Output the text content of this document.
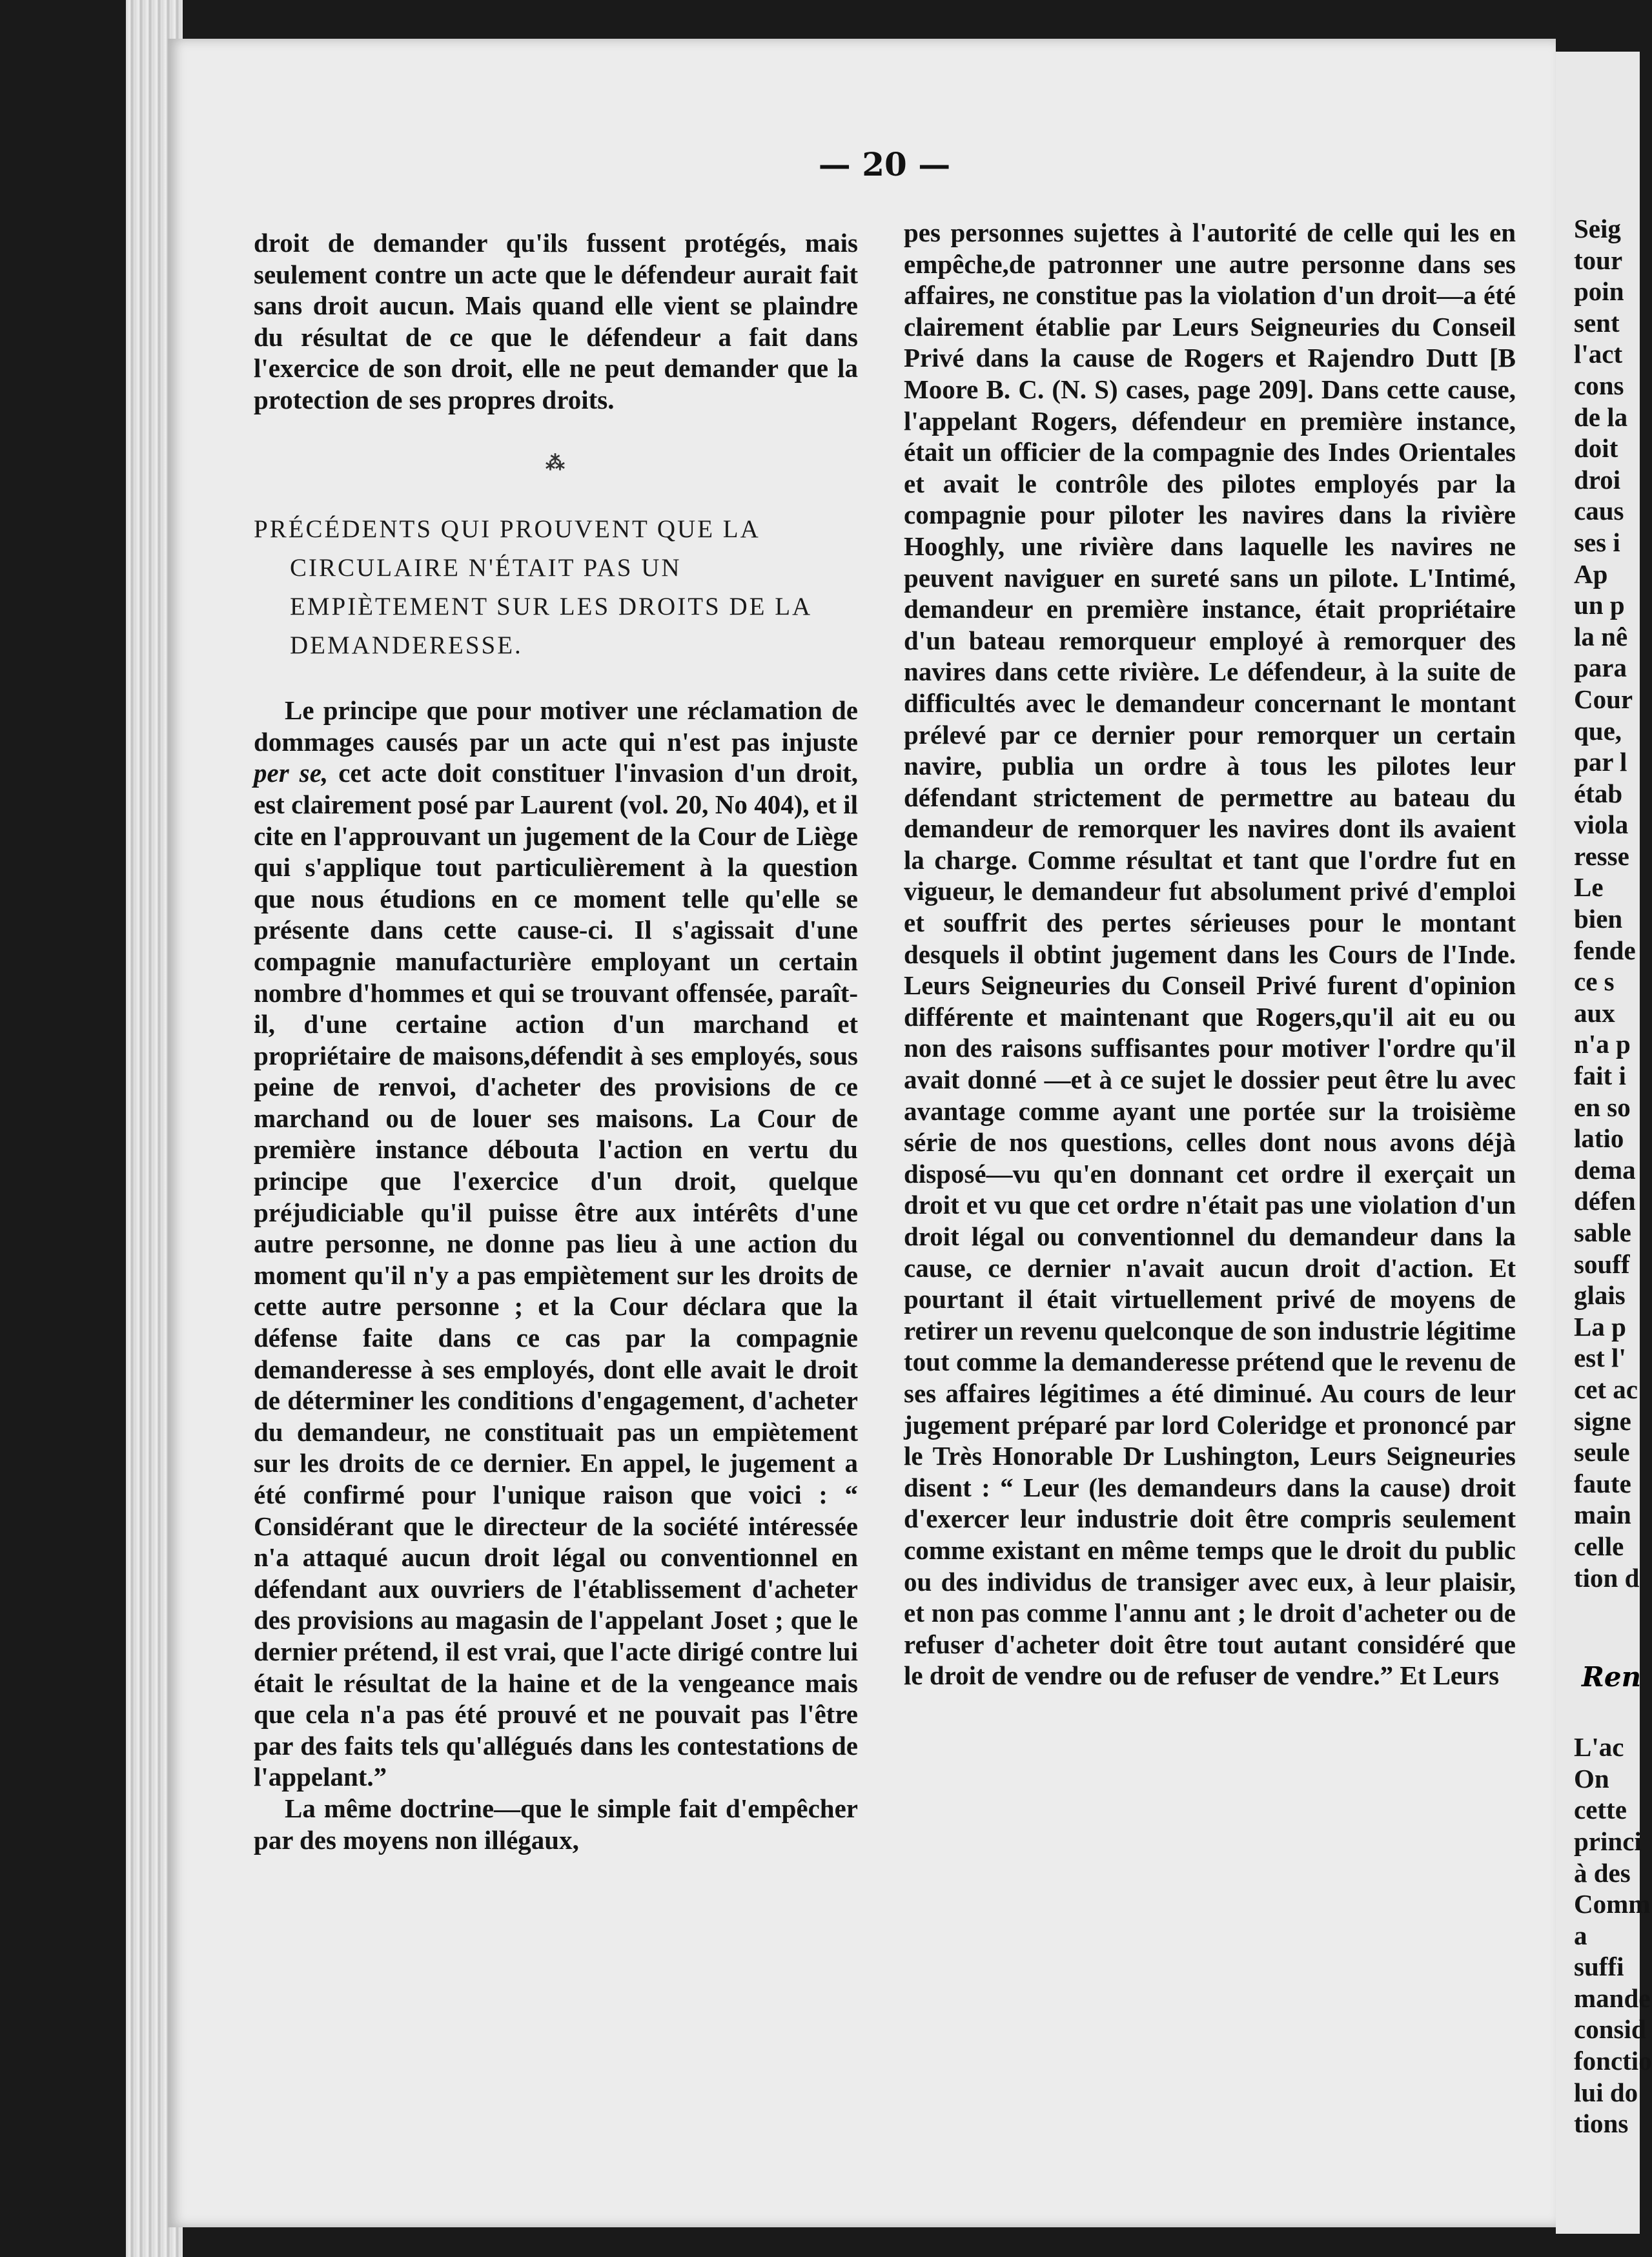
— 20 —

droit de demander qu'ils fussent protégés, mais seulement contre un acte que le défendeur aurait fait sans droit aucun. Mais quand elle vient se plaindre du résultat de ce que le défendeur a fait dans l'exercice de son droit, elle ne peut demander que la protection de ses propres droits.

⁂
PRÉCÉDENTS QUI PROUVENT QUE LA
CIRCULAIRE N'ÉTAIT PAS UN EMPIÈTEMENT SUR LES DROITS DE LA
DEMANDERESSE.

Le principe que pour motiver une réclamation de dommages causés par un acte qui n'est pas injuste per se, cet acte doit constituer l'invasion d'un droit, est clairement posé par Laurent (vol. 20, No 404), et il cite en l'approuvant un jugement de la Cour de Liège qui s'applique tout particulièrement à la question que nous étudions en ce moment telle qu'elle se présente dans cette cause-ci. Il s'agissait d'une compagnie manufacturière employant un certain nombre d'hommes et qui se trouvant offensée, paraît-il, d'une certaine action d'un marchand et propriétaire de maisons,défendit à ses employés, sous peine de renvoi, d'acheter des provisions de ce marchand ou de louer ses maisons. La Cour de première instance débouta l'action en vertu du principe que l'exercice d'un droit, quelque préjudiciable qu'il puisse être aux intérêts d'une autre personne, ne donne pas lieu à une action du moment qu'il n'y a pas empiètement sur les droits de cette autre personne ; et la Cour déclara que la défense faite dans ce cas par la compagnie demanderesse à ses employés, dont elle avait le droit de déterminer les conditions d'engagement, d'acheter du demandeur, ne constituait pas un empiètement sur les droits de ce dernier. En appel, le jugement a été confirmé pour l'unique raison que voici : “ Considérant que le directeur de la société intéressée n'a attaqué aucun droit légal ou conventionnel en défendant aux ouvriers de l'établissement d'acheter des provisions au magasin de l'appelant Joset ; que le dernier prétend, il est vrai, que l'acte dirigé contre lui était le résultat de la haine et de la vengeance mais que cela n'a pas été prouvé et ne pouvait pas l'être par des faits tels qu'allégués dans les contestations de l'appelant.”

La même doctrine—que le simple fait d'empêcher par des moyens non illégaux,

pes personnes sujettes à l'autorité de celle qui les en empêche,de patronner une autre personne dans ses affaires, ne constitue pas la violation d'un droit—a été clairement établie par Leurs Seigneuries du Conseil Privé dans la cause de Rogers et Rajendro Dutt [B Moore B. C. (N. S) cases, page 209]. Dans cette cause, l'appelant Rogers, défendeur en première instance, était un officier de la compagnie des Indes Orientales et avait le contrôle des pilotes employés par la compagnie pour piloter les navires dans la rivière Hooghly, une rivière dans laquelle les navires ne peuvent naviguer en sureté sans un pilote. L'Intimé, demandeur en première instance, était propriétaire d'un bateau remorqueur employé à remorquer des navires dans cette rivière. Le défendeur, à la suite de difficultés avec le demandeur concernant le montant prélevé par ce dernier pour remorquer un certain navire, publia un ordre à tous les pilotes leur défendant strictement de permettre au bateau du demandeur de remorquer les navires dont ils avaient la charge. Comme résultat et tant que l'ordre fut en vigueur, le demandeur fut absolument privé d'emploi et souffrit des pertes sérieuses pour le montant desquels il obtint jugement dans les Cours de l'Inde. Leurs Seigneuries du Conseil Privé furent d'opinion différente et maintenant que Rogers,qu'il ait eu ou non des raisons suffisantes pour motiver l'ordre qu'il avait donné —et à ce sujet le dossier peut être lu avec avantage comme ayant une portée sur la troisième série de nos questions, celles dont nous avons déjà disposé—vu qu'en donnant cet ordre il exerçait un droit et vu que cet ordre n'était pas une violation d'un droit légal ou conventionnel du demandeur dans la cause, ce dernier n'avait aucun droit d'action. Et pourtant il était virtuellement privé de moyens de retirer un revenu quelconque de son industrie légitime tout comme la demanderesse prétend que le revenu de ses affaires légitimes a été diminué. Au cours de leur jugement préparé par lord Coleridge et prononcé par le Très Honorable Dr Lushington, Leurs Seigneuries disent : “ Leur (les demandeurs dans la cause) droit d'exercer leur industrie doit être compris seulement comme existant en même temps que le droit du public ou des individus de transiger avec eux, à leur plaisir, et non pas comme l'annu ant ; le droit d'acheter ou de refuser d'acheter doit être tout autant considéré que le droit de vendre ou de refuser de vendre.” Et Leurs

Seig
tour
poin
sent
l'act
cons
de la
doit
droi
caus
ses i
Ap
un p
la nê
para
Cour
que,
par l
étab
viola
resse
Le
bien
fende
ce s
aux
n'a p
fait i
en so
latio
dema
défen
sable
souff
glais
La p
est l'
cet ac
signe
seule
faute
main
celle
tion d
Ren
L'ac
On
cette
princi
à des
Comm
a suffi
mande
consid
fonctio
lui do
tions
